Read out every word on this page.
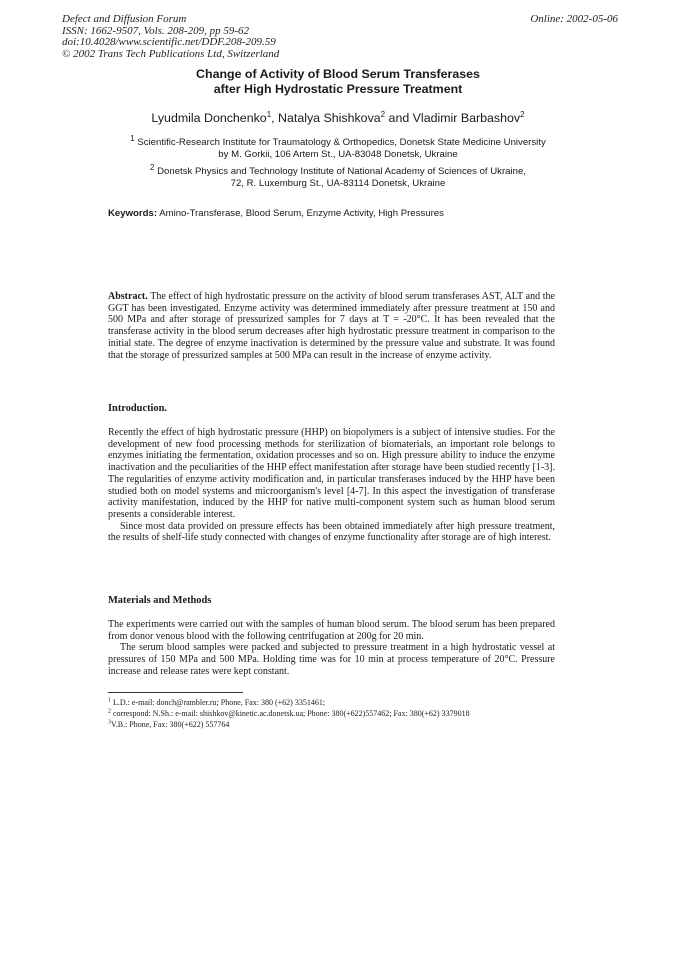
Defect and Diffusion Forum
ISSN: 1662-9507, Vols. 208-209, pp 59-62
doi:10.4028/www.scientific.net/DDF.208-209.59
© 2002 Trans Tech Publications Ltd, Switzerland
Online: 2002-05-06
Change of Activity of Blood Serum Transferases
after High Hydrostatic Pressure Treatment
Lyudmila Donchenko$^1$, Natalya Shishkova$^2$ and Vladimir Barbashov$^2$
$^1$ Scientific-Research Institute for Traumatology & Orthopedics, Donetsk State Medicine University
by M. Gorkii, 106 Artem St., UA-83048 Donetsk, Ukraine
$^2$ Donetsk Physics and Technology Institute of National Academy of Sciences of Ukraine,
72, R. Luxemburg St., UA-83114 Donetsk, Ukraine
Keywords: Amino-Transferase, Blood Serum, Enzyme Activity, High Pressures
Abstract. The effect of high hydrostatic pressure on the activity of blood serum transferases AST, ALT and the GGT has been investigated. Enzyme activity was determined immediately after pressure treatment at 150 and 500 MPa and after storage of pressurized samples for 7 days at T = -20°C. It has been revealed that the transferase activity in the blood serum decreases after high hydrostatic pressure treatment in comparison to the initial state. The degree of enzyme inactivation is determined by the pressure value and substrate. It was found that the storage of pressurized samples at 500 MPa can result in the increase of enzyme activity.
Introduction.

Recently the effect of high hydrostatic pressure (HHP) on biopolymers is a subject of intensive studies. For the development of new food processing methods for sterilization of biomaterials, an important role belongs to enzymes initiating the fermentation, oxidation processes and so on. High pressure ability to induce the enzyme inactivation and the peculiarities of the HHP effect manifestation after storage have been studied recently [1-3]. The regularities of enzyme activity modification and, in particular transferases induced by the HHP have been studied both on model systems and microorganism's level [4-7]. In this aspect the investigation of transferase activity manifestation, induced by the HHP for native multi-component system such as human blood serum presents a considerable interest.

Since most data provided on pressure effects has been obtained immediately after high pressure treatment, the results of shelf-life study connected with changes of enzyme functionality after storage are of high interest.

Materials and Methods

The experiments were carried out with the samples of human blood serum. The blood serum has been prepared from donor venous blood with the following centrifugation at 200g for 20 min.

The serum blood samples were packed and subjected to pressure treatment in a high hydrostatic vessel at pressures of 150 MPa and 500 MPa. Holding time was for 10 min at process temperature of 20°C. Pressure increase and release rates were kept constant.

$^1$ L.D.: e-mail: donch@rambler.ru; Phone, Fax: 380 (+62) 3351461;
$^2$ correspond: N.Sh.: e-mail: shishkov@kinetic.ac.donetsk.ua; Phone: 380(+622)557462; Fax: 380(+62) 3379018
$^3$V.B.: Phone, Fax: 380(+622) 557764
